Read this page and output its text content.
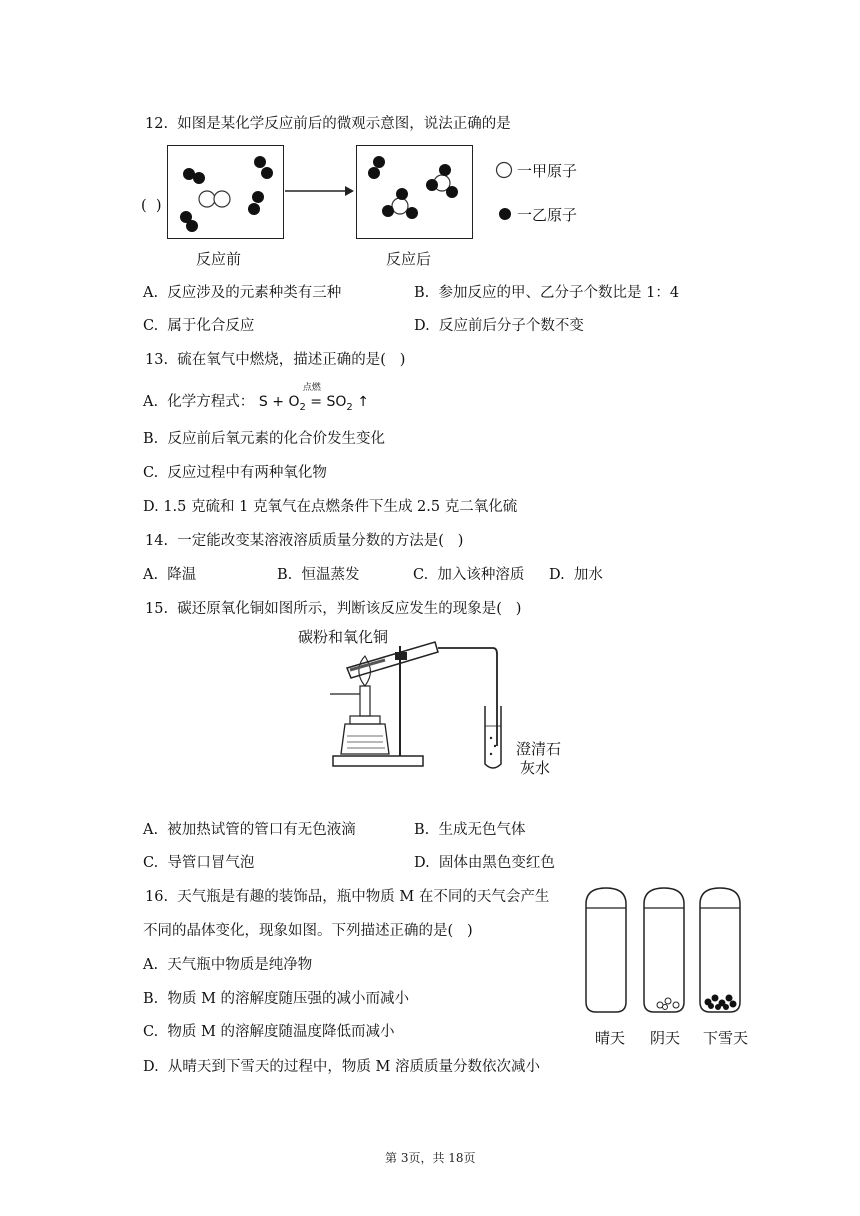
12.  如图是某化学反应前后的微观示意图，说法正确的是
(  )
反应前	反应后
一甲原子
一乙原子
A.  反应涉及的元素种类有三种	B.  参加反应的甲、乙分子个数比是 1：4
C.  属于化合反应	D.  反应前后分子个数不变
13.  硫在氧气中燃烧，描述正确的是(   )
A.  化学方程式：
点燃
$S + O_2 = SO_2$ ↑
B.  反应前后氧元素的化合价发生变化
C.  反应过程中有两种氧化物
D. 1.5 克硫和 1 克氧气在点燃条件下生成 2.5 克二氧化硫
14.  一定能改变某溶液溶质质量分数的方法是(   )
A.  降温	B.  恒温蒸发	C.  加入该种溶质 D.  加水
15.  碳还原氧化铜如图所示，判断该反应发生的现象是(   )
碳粉和氧化铜
澄清石
灰水
A.  被加热试管的管口有无色液滴	B.  生成无色气体
C.  导管口冒气泡	D.  固体由黑色变红色
16.  天气瓶是有趣的装饰品，瓶中物质 M 在不同的天气会产生
不同的晶体变化，现象如图。下列描述正确的是(   )
A.  天气瓶中物质是纯净物
B.  物质 M 的溶解度随压强的减小而减小
C.  物质 M 的溶解度随温度降低而减小
D.  从晴天到下雪天的过程中，物质 M 溶质质量分数依次减小
晴天 阴天 下雪天
第 3页，共 18页
